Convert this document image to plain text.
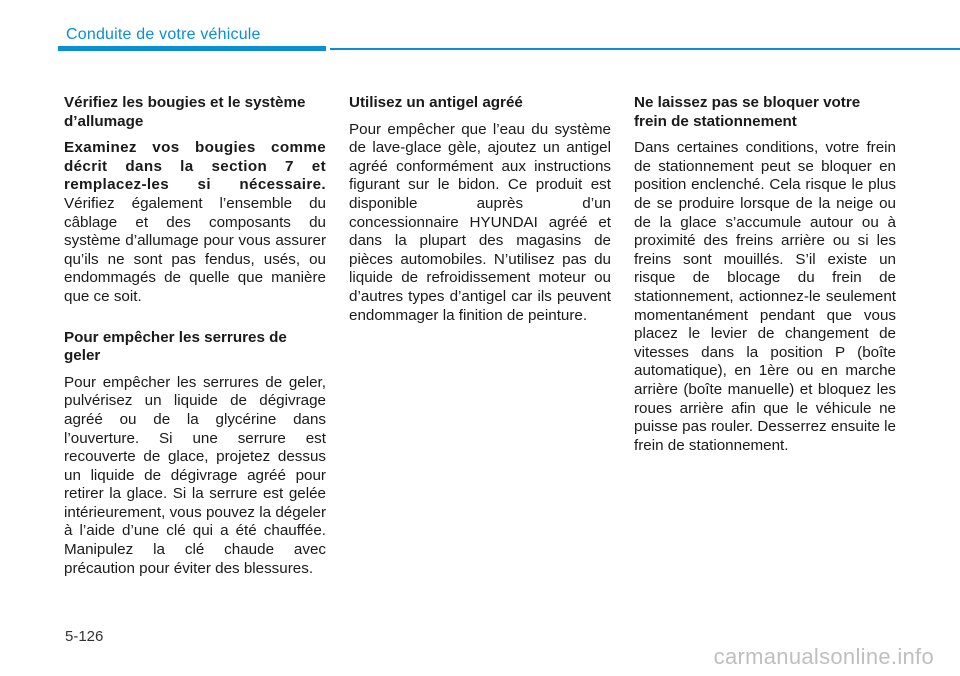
Conduite de votre véhicule
Vérifiez les bougies et le système d’allumage
Examinez vos bougies comme décrit dans la section 7 et remplacez-les si nécessaire. Vérifiez également l’ensemble du câblage et des composants du système d’allumage pour vous assurer qu’ils ne sont pas fendus, usés, ou endommagés de quelle que manière que ce soit.
Pour empêcher les serrures de geler
Pour empêcher les serrures de geler, pulvérisez un liquide de dégivrage agréé ou de la glycérine dans l’ouverture. Si une serrure est recouverte de glace, projetez dessus un liquide de dégivrage agréé pour retirer la glace. Si la serrure est gelée intérieurement, vous pouvez la dégeler à l’aide d’une clé qui a été chauffée. Manipulez la clé chaude avec précaution pour éviter des blessures.
Utilisez un antigel agréé
Pour empêcher que l’eau du système de lave-glace gèle, ajoutez un antigel agréé conformément aux instructions figurant sur le bidon. Ce produit est disponible auprès d’un concessionnaire HYUNDAI agréé et dans la plupart des magasins de pièces automobiles. N’utilisez pas du liquide de refroidissement moteur ou d’autres types d’antigel car ils peuvent endommager la finition de peinture.
Ne laissez pas se bloquer votre frein de stationnement
Dans certaines conditions, votre frein de stationnement peut se bloquer en position enclenché. Cela risque le plus de se produire lorsque de la neige ou de la glace s’accumule autour ou à proximité des freins arrière ou si les freins sont mouillés. S’il existe un risque de blocage du frein de stationnement, actionnez-le seulement momentanément pendant que vous placez le levier de changement de vitesses dans la position P (boîte automatique), en 1ère ou en marche arrière (boîte manuelle) et bloquez les roues arrière afin que le véhicule ne puisse pas rouler. Desserrez ensuite le frein de stationnement.
5-126
carmanualsonline.info
